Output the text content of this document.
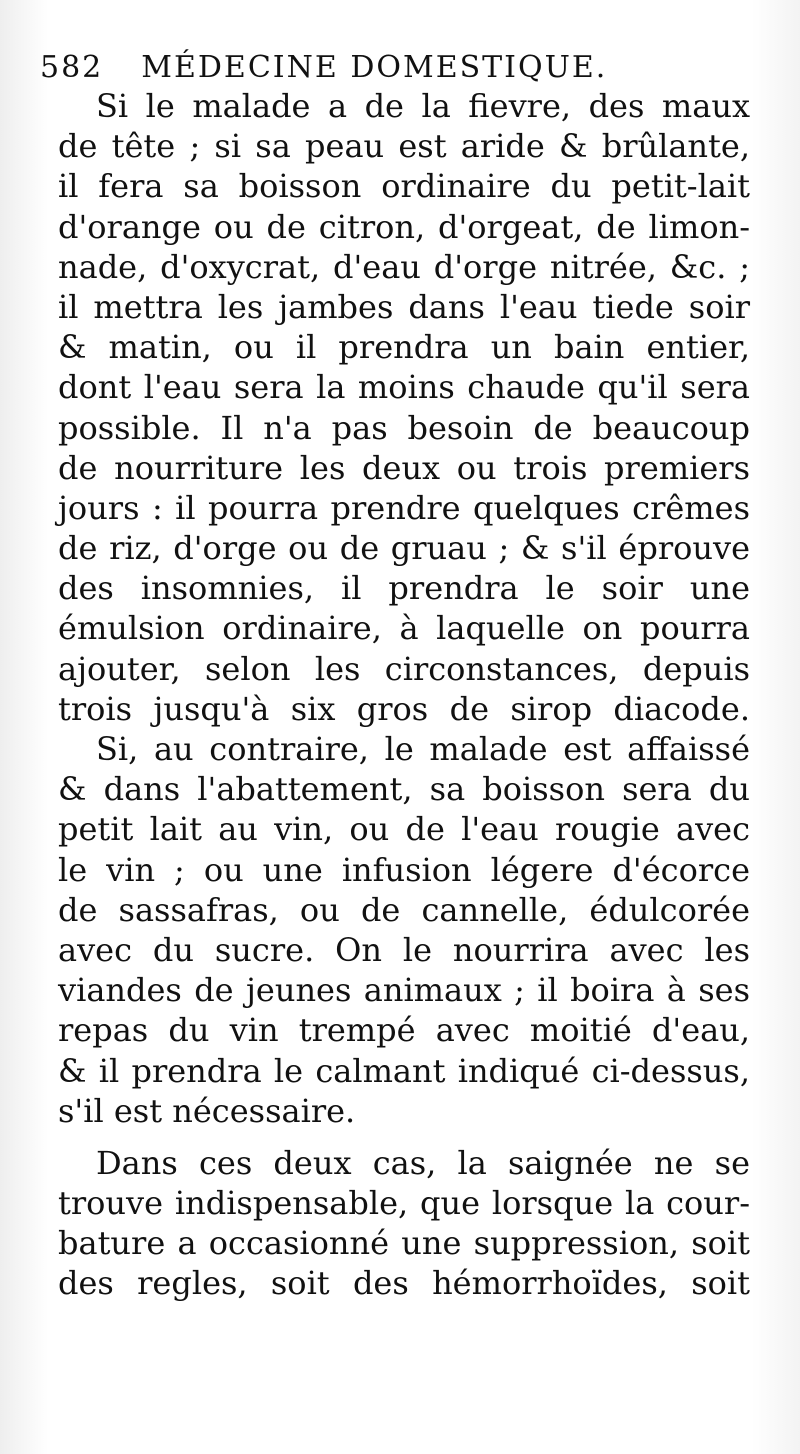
582 MÉDECINE DOMESTIQUE.
Si le malade a de la fievre, des maux
de tête ; si sa peau est aride & brûlante,
il fera sa boisson ordinaire du petit-lait
d'orange ou de citron, d'orgeat, de limon-
nade, d'oxycrat, d'eau d'orge nitrée, &c. ;
il mettra les jambes dans l'eau tiede soir
& matin, ou il prendra un bain entier,
dont l'eau sera la moins chaude qu'il sera
possible. Il n'a pas besoin de beaucoup
de nourriture les deux ou trois premiers
jours : il pourra prendre quelques crêmes
de riz, d'orge ou de gruau ; & s'il éprouve
des insomnies, il prendra le soir une
émulsion ordinaire, à laquelle on pourra
ajouter, selon les circonstances, depuis
trois jusqu'à six gros de sirop diacode.
Si, au contraire, le malade est affaissé
& dans l'abattement, sa boisson sera du
petit lait au vin, ou de l'eau rougie avec
le vin ; ou une infusion légere d'écorce
de sassafras, ou de cannelle, édulcorée
avec du sucre. On le nourrira avec les
viandes de jeunes animaux ; il boira à ses
repas du vin trempé avec moitié d'eau,
& il prendra le calmant indiqué ci-dessus,
s'il est nécessaire.
Dans ces deux cas, la saignée ne se
trouve indispensable, que lorsque la cour-
bature a occasionné une suppression, soit
des regles, soit des hémorrhoïdes, soit
